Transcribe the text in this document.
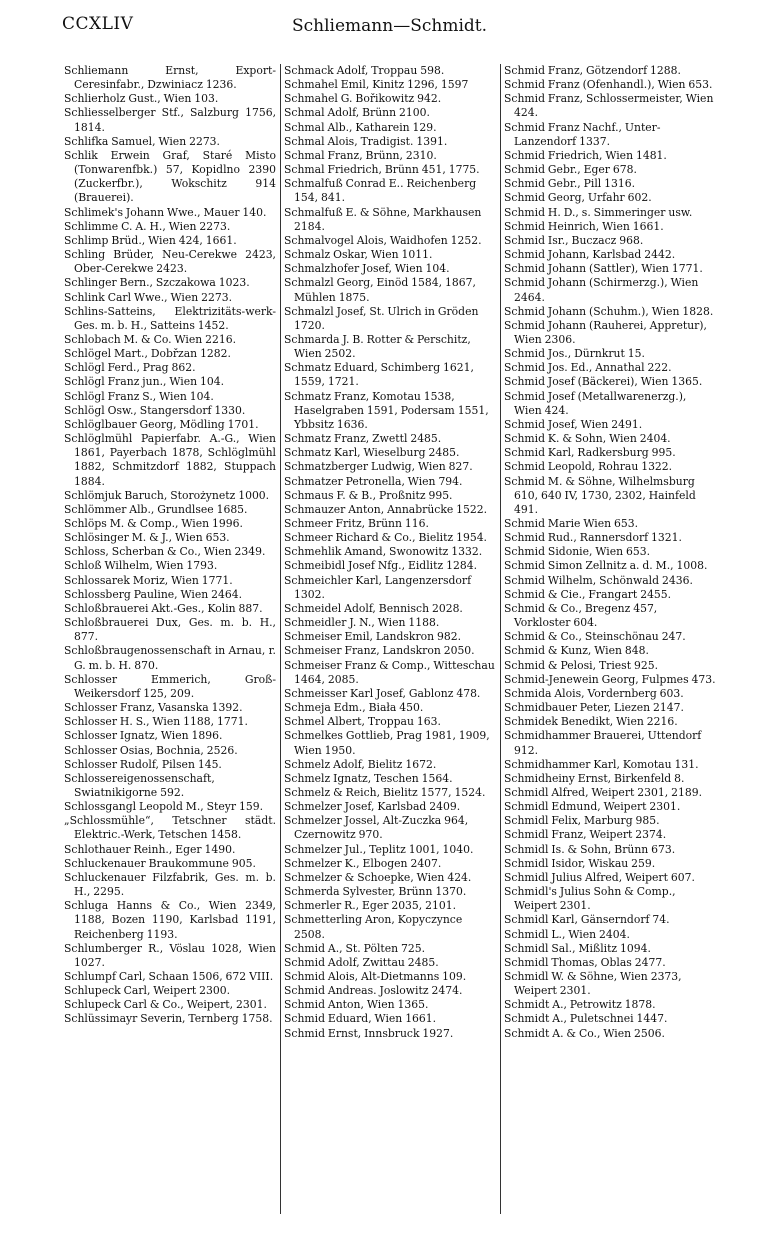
CCXLIV	Schliemann—Schmidt.
Schliemann Ernst, Export-Ceresinfabr., Dzwiniacz 1236.
Schlierholz Gust., Wien 103.
Schliesselberger Stf., Salzburg 1756, 1814.
Schlifka Samuel, Wien 2273.
Schlik Erwein Graf, Staré Misto (Tonwarenfbk.) 57, Kopidlno 2390 (Zuckerfbr.), Wokschitz 914 (Brauerei).
Schlimek's Johann Wwe., Mauer 140.
Schlimme C. A. H., Wien 2273.
Schlimp Brüd., Wien 424, 1661.
Schling Brüder, Neu-Cerekwe 2423, Ober-Cerekwe 2423.
Schlinger Bern., Szczakowa 1023.
Schlink Carl Wwe., Wien 2273.
Schlins-Satteins, Elektrizitäts-werk-Ges. m. b. H., Satteins 1452.
Schlobach M. & Co. Wien 2216.
Schlögel Mart., Dobřzan 1282.
Schlögl Ferd., Prag 862.
Schlögl Franz jun., Wien 104.
Schlögl Franz S., Wien 104.
Schlögl Osw., Stangersdorf 1330.
Schlöglbauer Georg, Mödling 1701.
Schlöglmühl Papierfabr. A.-G., Wien 1861, Payerbach 1878, Schlöglmühl 1882, Schmitzdorf 1882, Stuppach 1884.
Schlömjuk Baruch, Storożynetz 1000.
Schlömmer Alb., Grundlsee 1685.
Schlöps M. & Comp., Wien 1996.
Schlösinger M. & J., Wien 653.
Schloss, Scherban & Co., Wien 2349.
Schloß Wilhelm, Wien 1793.
Schlossarek Moriz, Wien 1771.
Schlossberg Pauline, Wien 2464.
Schloßbrauerei Akt.-Ges., Kolin 887.
Schloßbrauerei Dux, Ges. m. b. H., 877.
Schloßbraugenossenschaft in Arnau, r. G. m. b. H. 870.
Schlosser Emmerich, Groß-Weikersdorf 125, 209.
Schlosser Franz, Vasanska 1392.
Schlosser H. S., Wien 1188, 1771.
Schlosser Ignatz, Wien 1896.
Schlosser Osias, Bochnia, 2526.
Schlosser Rudolf, Pilsen 145.
Schlossereigenossenschaft, Swiatnikigorne 592.
Schlossgangl Leopold M., Steyr 159.
„Schlossmühle“, Tetschner städt. Elektric.-Werk, Tetschen 1458.
Schlothauer Reinh., Eger 1490.
Schluckenauer Braukommune 905.
Schluckenauer Filzfabrik, Ges. m. b. H., 2295.
Schluga Hanns & Co., Wien 2349, 1188, Bozen 1190, Karlsbad 1191, Reichenberg 1193.
Schlumberger R., Vöslau 1028, Wien 1027.
Schlumpf Carl, Schaan 1506, 672 VIII.
Schlupeck Carl, Weipert 2300.
Schlupeck Carl & Co., Weipert, 2301.
Schlüssimayr Severin, Ternberg 1758.
Schmack Adolf, Troppau 598.
Schmahel Emil, Kinitz 1296, 1597
Schmahel G. Bořikowitz 942.
Schmal Adolf, Brünn 2100.
Schmal Alb., Katharein 129.
Schmal Alois, Tradigist. 1391.
Schmal Franz, Brünn, 2310.
Schmal Friedrich, Brünn 451, 1775.
Schmalfuß Conrad E.. Reichenberg 154, 841.
Schmalfuß E. & Söhne, Markhausen 2184.
Schmalvogel Alois, Waidhofen 1252.
Schmalz Oskar, Wien 1011.
Schmalzhofer Josef, Wien 104.
Schmalzl Georg, Einöd 1584, 1867, Mühlen 1875.
Schmalzl Josef, St. Ulrich in Gröden 1720.
Schmarda J. B. Rotter & Perschitz, Wien 2502.
Schmatz Eduard, Schimberg 1621, 1559, 1721.
Schmatz Franz, Komotau 1538, Haselgraben 1591, Podersam 1551, Ybbsitz 1636.
Schmatz Franz, Zwettl 2485.
Schmatz Karl, Wieselburg 2485.
Schmatzberger Ludwig, Wien 827.
Schmatzer Petronella, Wien 794.
Schmaus F. & B., Proßnitz 995.
Schmauzer Anton, Annabrücke 1522.
Schmeer Fritz, Brünn 116.
Schmeer Richard & Co., Bielitz 1954.
Schmehlik Amand, Swonowitz 1332.
Schmeibidl Josef Nfg., Eidlitz 1284.
Schmeichler Karl, Langenzersdorf 1302.
Schmeidel Adolf, Bennisch 2028.
Schmeidler J. N., Wien 1188.
Schmeiser Emil, Landskron 982.
Schmeiser Franz, Landskron 2050.
Schmeiser Franz & Comp., Witteschau 1464, 2085.
Schmeisser Karl Josef, Gablonz 478.
Schmeja Edm., Biała 450.
Schmel Albert, Troppau 163.
Schmelkes Gottlieb, Prag 1981, 1909, Wien 1950.
Schmelz Adolf, Bielitz 1672.
Schmelz Ignatz, Teschen 1564.
Schmelz & Reich, Bielitz 1577, 1524.
Schmelzer Josef, Karlsbad 2409.
Schmelzer Jossel, Alt-Zuczka 964, Czernowitz 970.
Schmelzer Jul., Teplitz 1001, 1040.
Schmelzer K., Elbogen 2407.
Schmelzer & Schoepke, Wien 424.
Schmerda Sylvester, Brünn 1370.
Schmerler R., Eger 2035, 2101.
Schmetterling Aron, Kopyczynce 2508.
Schmid A., St. Pölten 725.
Schmid Adolf, Zwittau 2485.
Schmid Alois, Alt-Dietmanns 109.
Schmid Andreas. Joslowitz 2474.
Schmid Anton, Wien 1365.
Schmid Eduard, Wien 1661.
Schmid Ernst, Innsbruck 1927.
Schmid Franz, Götzendorf 1288.
Schmid Franz (Ofenhandl.), Wien 653.
Schmid Franz, Schlossermeister, Wien 424.
Schmid Franz Nachf., Unter-Lanzendorf 1337.
Schmid Friedrich, Wien 1481.
Schmid Gebr., Eger 678.
Schmid Gebr., Pill 1316.
Schmid Georg, Urfahr 602.
Schmid H. D., s. Simmeringer usw.
Schmid Heinrich, Wien 1661.
Schmid Isr., Buczacz 968.
Schmid Johann, Karlsbad 2442.
Schmid Johann (Sattler), Wien 1771.
Schmid Johann (Schirmerzg.), Wien 2464.
Schmid Johann (Schuhm.), Wien 1828.
Schmid Johann (Rauherei, Appretur), Wien 2306.
Schmid Jos., Dürnkrut 15.
Schmid Jos. Ed., Annathal 222.
Schmid Josef (Bäckerei), Wien 1365.
Schmid Josef (Metallwarenerzg.), Wien 424.
Schmid Josef, Wien 2491.
Schmid K. & Sohn, Wien 2404.
Schmid Karl, Radkersburg 995.
Schmid Leopold, Rohrau 1322.
Schmid M. & Söhne, Wilhelmsburg 610, 640 IV, 1730, 2302, Hainfeld 491.
Schmid Marie Wien 653.
Schmid Rud., Rannersdorf 1321.
Schmid Sidonie, Wien 653.
Schmid Simon Zellnitz a. d. M., 1008.
Schmid Wilhelm, Schönwald 2436.
Schmid & Cie., Frangart 2455.
Schmid & Co., Bregenz 457, Vorkloster 604.
Schmid & Co., Steinschönau 247.
Schmid & Kunz, Wien 848.
Schmid & Pelosi, Triest 925.
Schmid-Jenewein Georg, Fulpmes 473.
Schmida Alois, Vordernberg 603.
Schmidbauer Peter, Liezen 2147.
Schmidek Benedikt, Wien 2216.
Schmidhammer Brauerei, Uttendorf 912.
Schmidhammer Karl, Komotau 131.
Schmidheiny Ernst, Birkenfeld 8.
Schmidl Alfred, Weipert 2301, 2189.
Schmidl Edmund, Weipert 2301.
Schmidl Felix, Marburg 985.
Schmidl Franz, Weipert 2374.
Schmidl Is. & Sohn, Brünn 673.
Schmidl Isidor, Wiskau 259.
Schmidl Julius Alfred, Weipert 607.
Schmidl's Julius Sohn & Comp., Weipert 2301.
Schmidl Karl, Gänserndorf 74.
Schmidl L., Wien 2404.
Schmidl Sal., Mißlitz 1094.
Schmidl Thomas, Oblas 2477.
Schmidl W. & Söhne, Wien 2373, Weipert 2301.
Schmidt A., Petrowitz 1878.
Schmidt A., Puletschnei 1447.
Schmidt A. & Co., Wien 2506.
